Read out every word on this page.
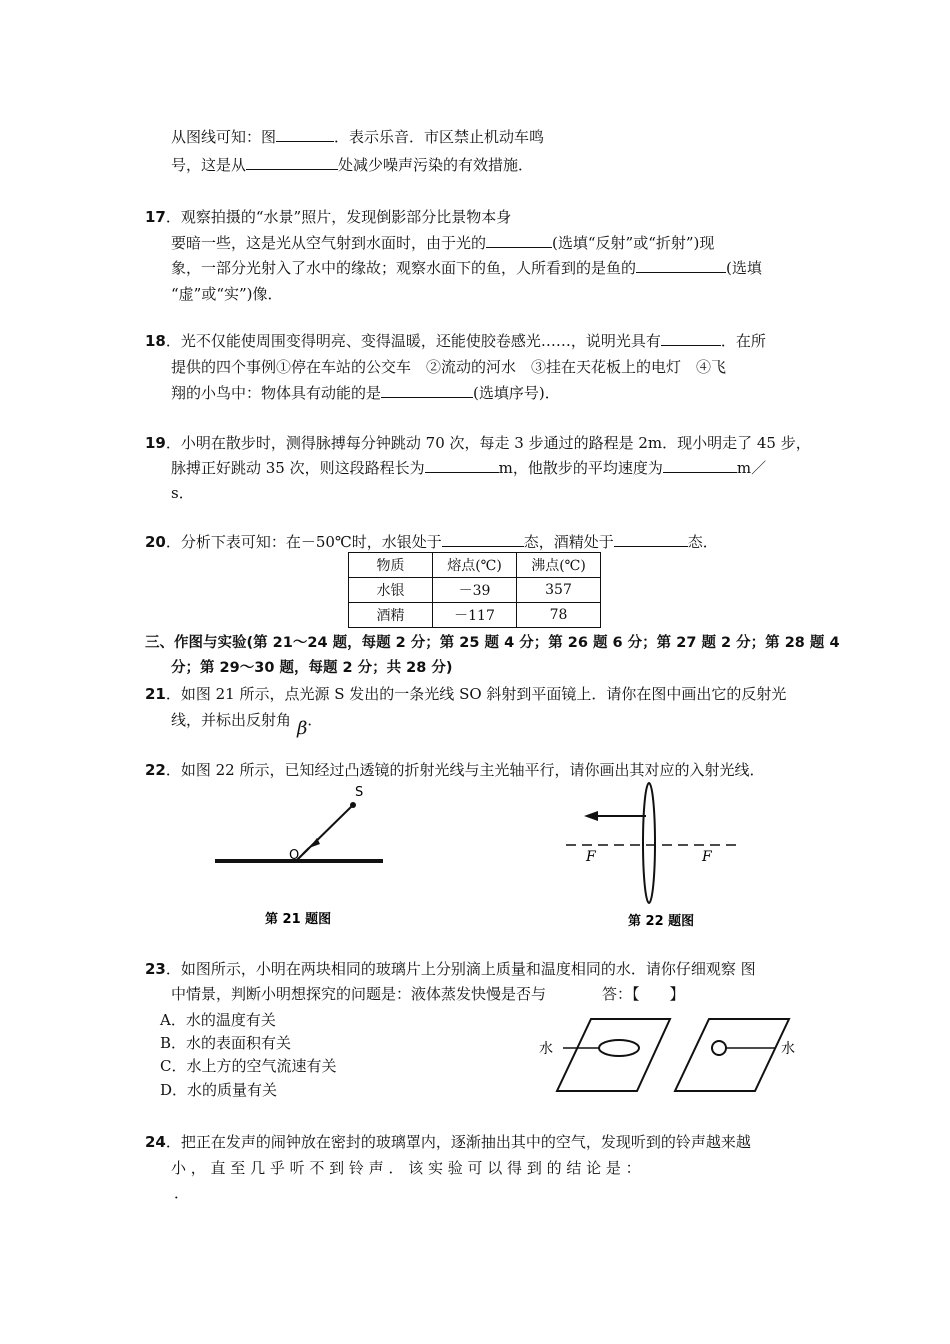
从图线可知：图	．表示乐音．市区禁止机动车鸣
号，这是从	处减少噪声污染的有效措施．
17．观察拍摄的“水景”照片，发现倒影部分比景物本身
要暗一些，这是光从空气射到水面时，由于光的	(选填“反射”或“折射”)现
象，一部分光射入了水中的缘故；观察水面下的鱼，人所看到的是鱼的	(选填
“虚”或“实”)像．
18．光不仅能使周围变得明亮、变得温暖，还能使胶卷感光……，说明光具有	．在所
提供的四个事例①停在车站的公交车　②流动的河水　③挂在天花板上的电灯　④飞
翔的小鸟中：物体具有动能的是	(选填序号)．
19．小明在散步时，测得脉搏每分钟跳动 70 次，每走 3 步通过的路程是 2m．现小明走了 45 步，
脉搏正好跳动 35 次，则这段路程长为	m，他散步的平均速度为	m／
s．
20．分析下表可知：在－50℃时，水银处于	态，酒精处于	态．
物质	熔点(℃)	沸点(℃)
水银	－39	357
酒精	－117	78
三、作图与实验(第 21～24 题，每题 2 分；第 25 题 4 分；第 26 题 6 分；第 27 题 2 分；第 28 题 4
分；第 29～30 题，每题 2 分；共 28 分)
21．如图 21 所示，点光源 S 发出的一条光线 SO 斜射到平面镜上．请你在图中画出它的反射光
线，并标出反射角 β．
22．如图 22 所示，已知经过凸透镜的折射光线与主光轴平行，请你画出其对应的入射光线．
S
O
第 21 题图
F	F
第 22 题图
23．如图所示，小明在两块相同的玻璃片上分别滴上质量和温度相同的水．请你仔细观察 图
中情景，判断小明想探究的问题是：液体蒸发快慢是否与	答：【　　】
A．水的温度有关
B．水的表面积有关
C．水上方的空气流速有关
D．水的质量有关
水	水
24．把正在发声的闹钟放在密封的玻璃罩内，逐渐抽出其中的空气，发现听到的铃声越来越
小 ， 直 至 几 乎 听 不 到 铃 声 ． 该 实 验 可 以 得 到 的 结 论 是 ：
．
